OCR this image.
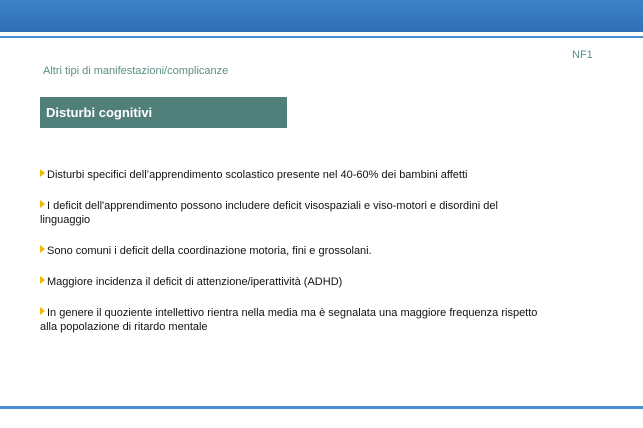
NF1
Altri tipi di manifestazioni/complicanze
Disturbi cognitivi
Disturbi specifici dell’apprendimento scolastico presente nel 40-60% dei bambini affetti
I deficit dell'apprendimento possono includere deficit visospaziali e viso-motori e disordini del linguaggio
Sono comuni i deficit della coordinazione motoria, fini e grossolani.
Maggiore incidenza il deficit di attenzione/iperattività (ADHD)
In genere il quoziente intellettivo rientra nella media ma è segnalata una maggiore frequenza rispetto alla popolazione di ritardo mentale
